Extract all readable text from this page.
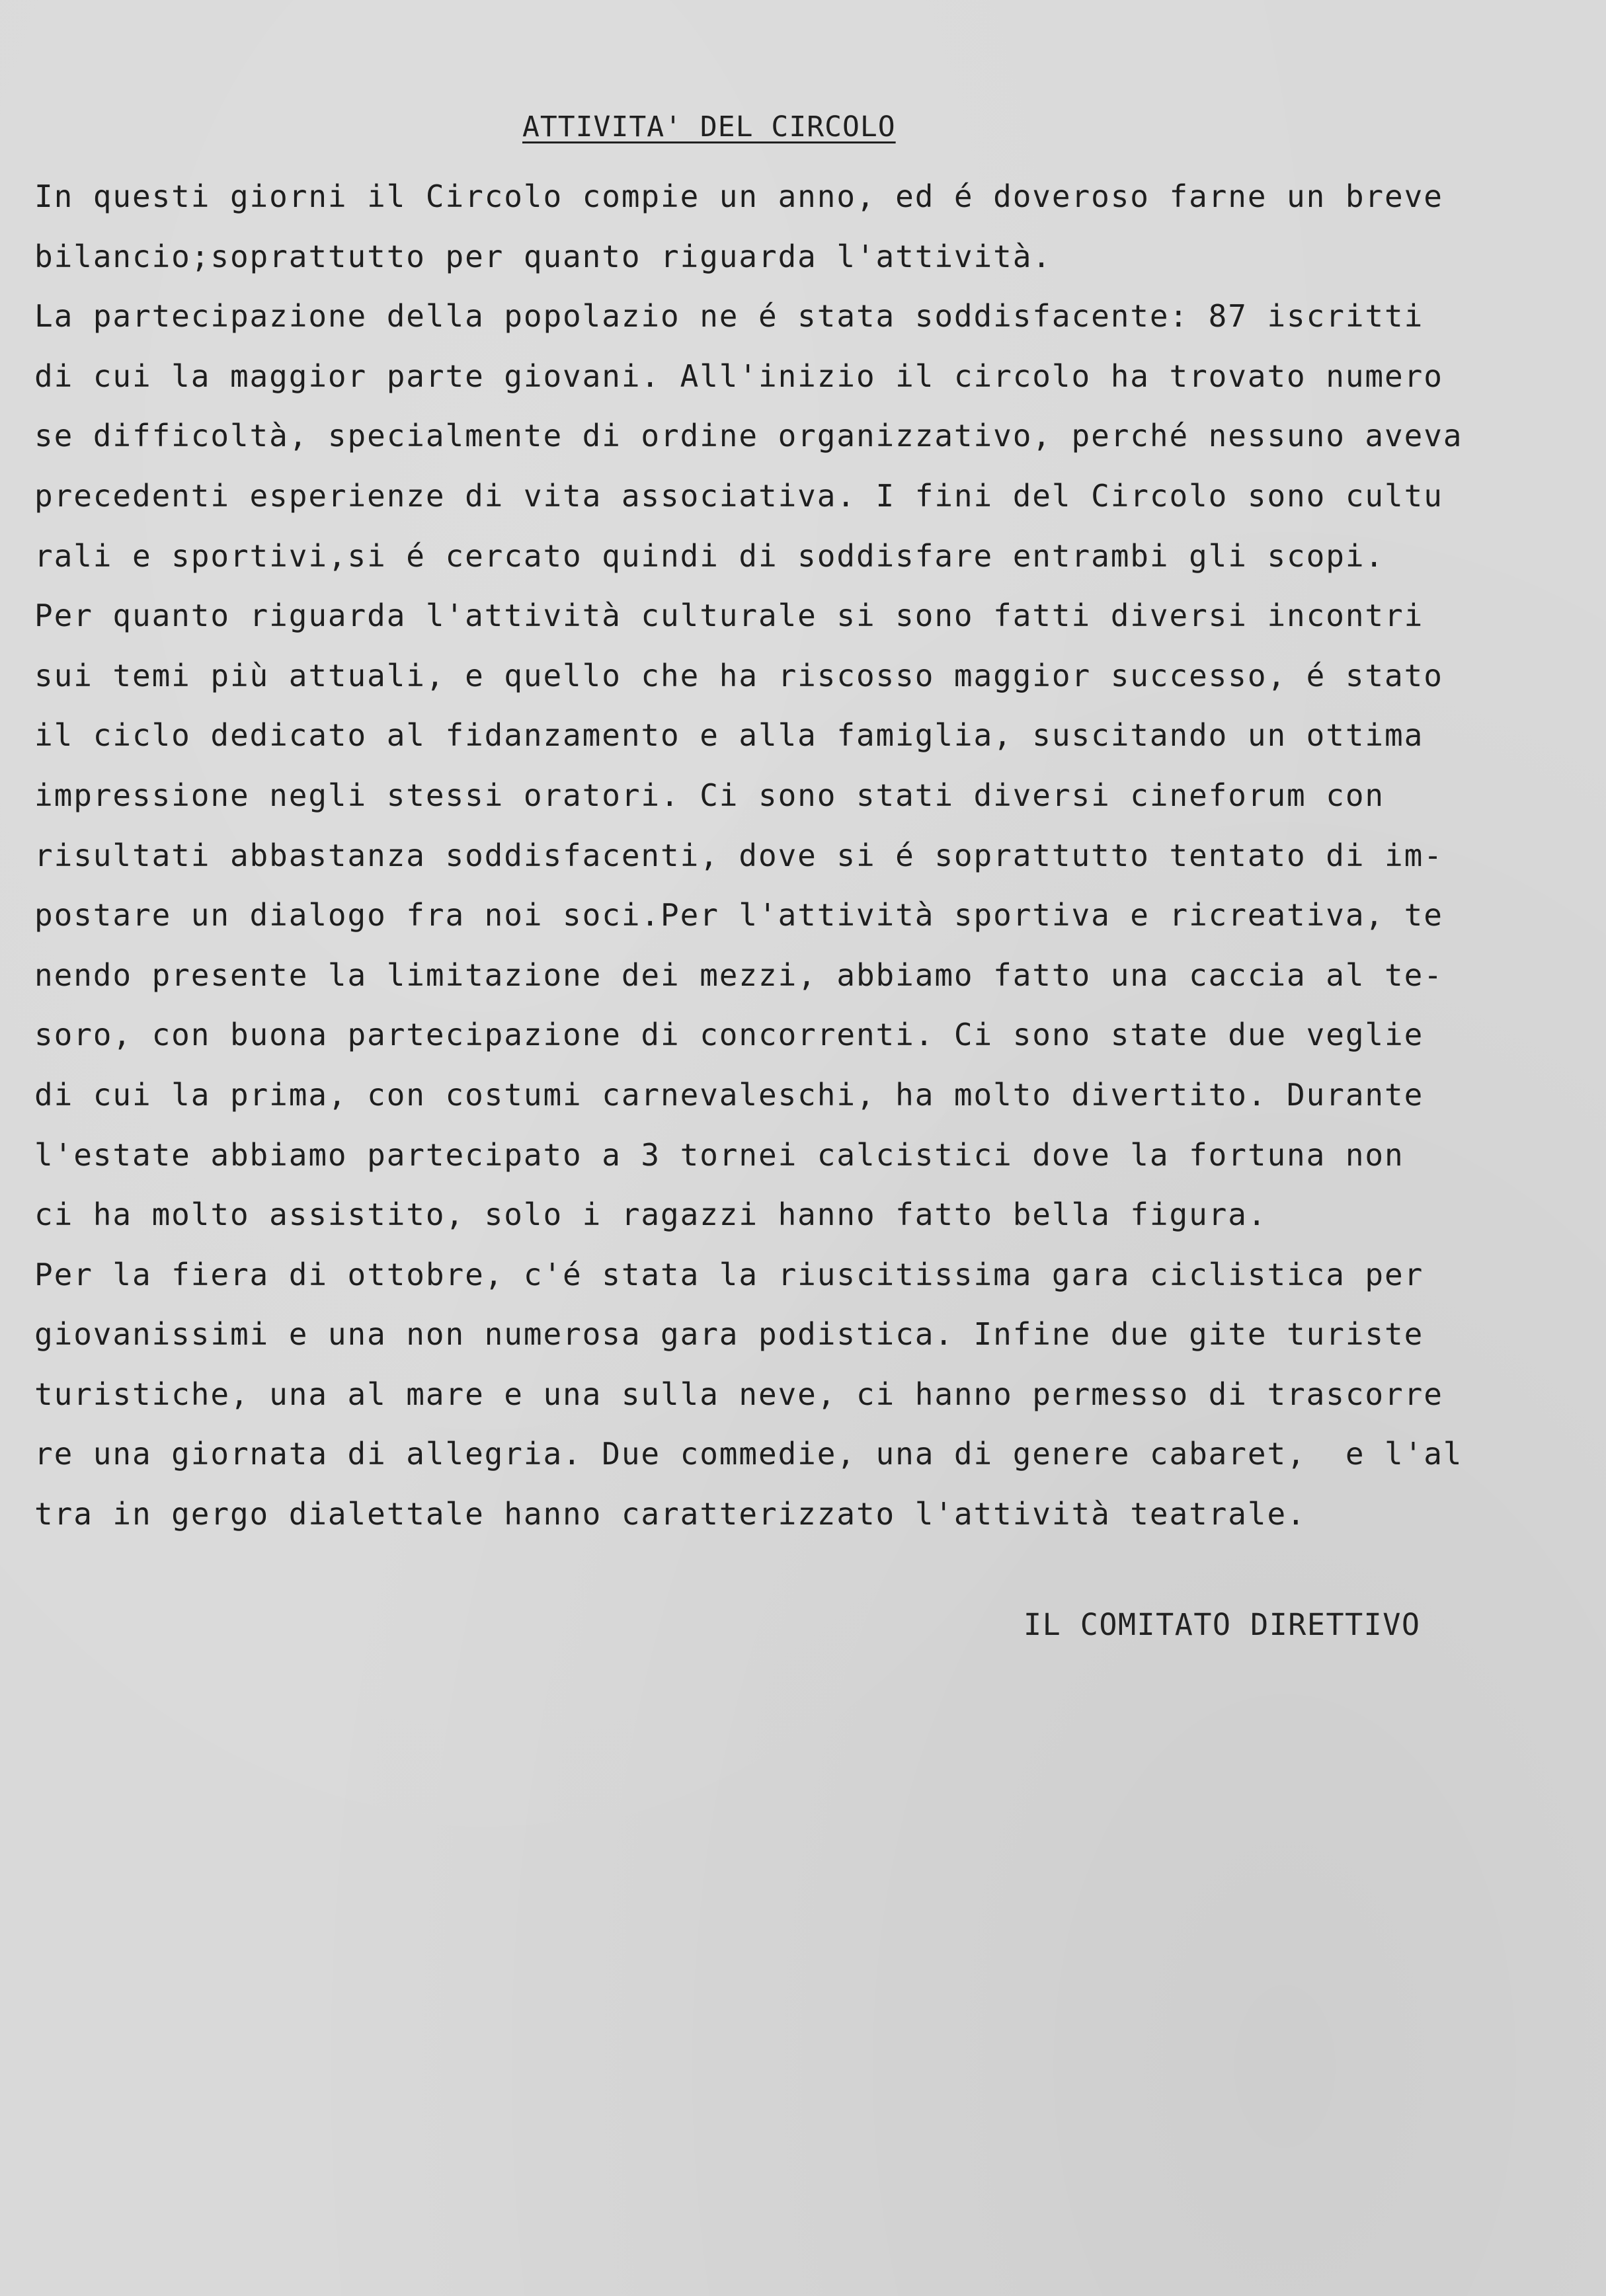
ATTIVITA' DEL CIRCOLO
In questi giorni il Circolo compie un anno, ed é doveroso farne un breve
bilancio;soprattutto per quanto riguarda l'attività.
La partecipazione della popolazio ne é stata soddisfacente: 87 iscritti
di cui la maggior parte giovani. All'inizio il circolo ha trovato numero
se difficoltà, specialmente di ordine organizzativo, perché nessuno aveva
precedenti esperienze di vita associativa. I fini del Circolo sono cultu
rali e sportivi,si é cercato quindi di soddisfare entrambi gli scopi.
Per quanto riguarda l'attività culturale si sono fatti diversi incontri
sui temi più attuali, e quello che ha riscosso maggior successo, é stato
il ciclo dedicato al fidanzamento e alla famiglia, suscitando un ottima
impressione negli stessi oratori. Ci sono stati diversi cineforum con
risultati abbastanza soddisfacenti, dove si é soprattutto tentato di im-
postare un dialogo fra noi soci.Per l'attività sportiva e ricreativa, te
nendo presente la limitazione dei mezzi, abbiamo fatto una caccia al te-
soro, con buona partecipazione di concorrenti. Ci sono state due veglie
di cui la prima, con costumi carnevaleschi, ha molto divertito. Durante
l'estate abbiamo partecipato a 3 tornei calcistici dove la fortuna non
ci ha molto assistito, solo i ragazzi hanno fatto bella figura.
Per la fiera di ottobre, c'é stata la riuscitissima gara ciclistica per
giovanissimi e una non numerosa gara podistica. Infine due gite turiste
turistiche, una al mare e una sulla neve, ci hanno permesso di trascorre
re una giornata di allegria. Due commedie, una di genere cabaret,  e l'al
tra in gergo dialettale hanno caratterizzato l'attività teatrale.
IL COMITATO DIRETTIVO
